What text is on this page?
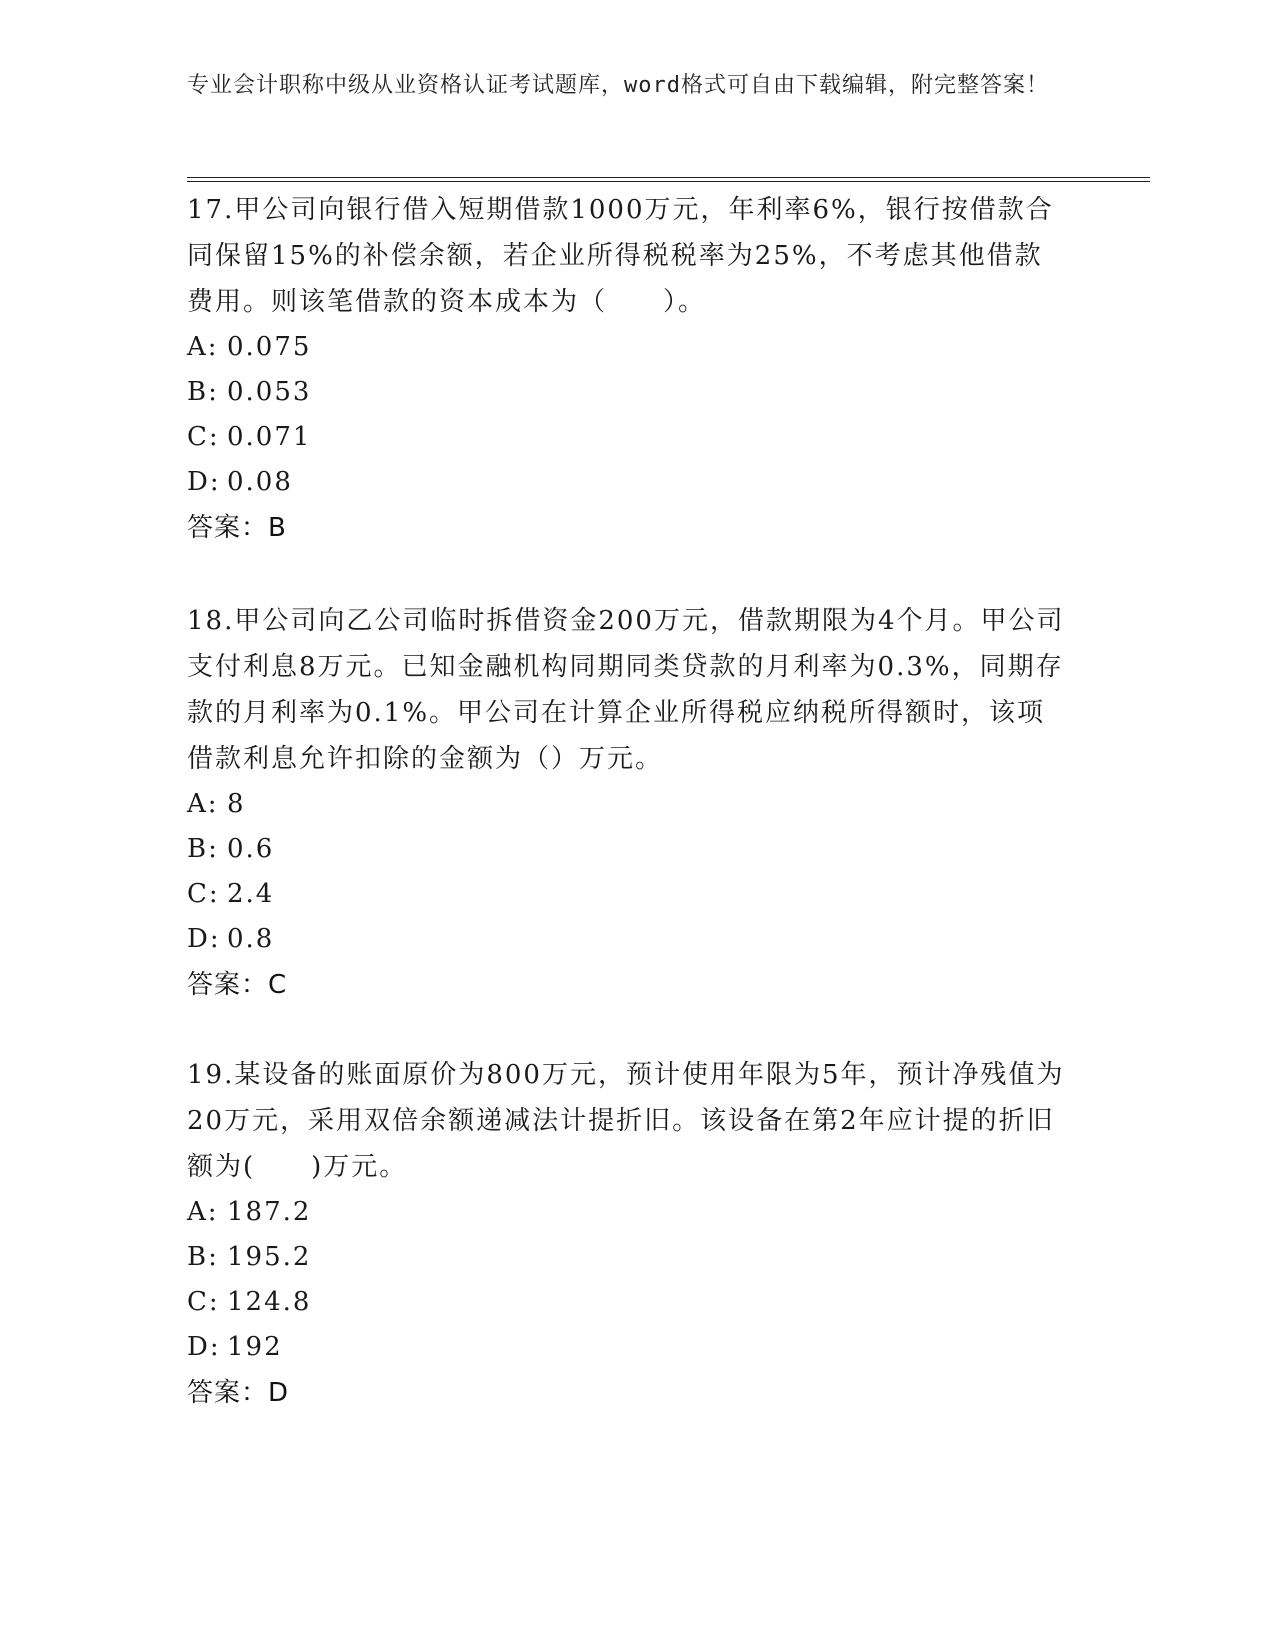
专业会计职称中级从业资格认证考试题库，word格式可自由下载编辑，附完整答案！

17.甲公司向银行借入短期借款1000万元，年利率6%，银行按借款合同保留15%的补偿余额，若企业所得税税率为25%，不考虑其他借款费用。则该笔借款的资本成本为（　　）。

A: 0.075
B: 0.053
C: 0.071
D: 0.08
答案：B

18.甲公司向乙公司临时拆借资金200万元，借款期限为4个月。甲公司支付利息8万元。已知金融机构同期同类贷款的月利率为0.3%，同期存款的月利率为0.1%。甲公司在计算企业所得税应纳税所得额时，该项借款利息允许扣除的金额为（）万元。

A: 8
B: 0.6
C: 2.4
D: 0.8
答案：C

19.某设备的账面原价为800万元，预计使用年限为5年，预计净残值为20万元，采用双倍余额递减法计提折旧。该设备在第2年应计提的折旧额为(　　)万元。

A: 187.2
B: 195.2
C: 124.8
D: 192
答案：D
